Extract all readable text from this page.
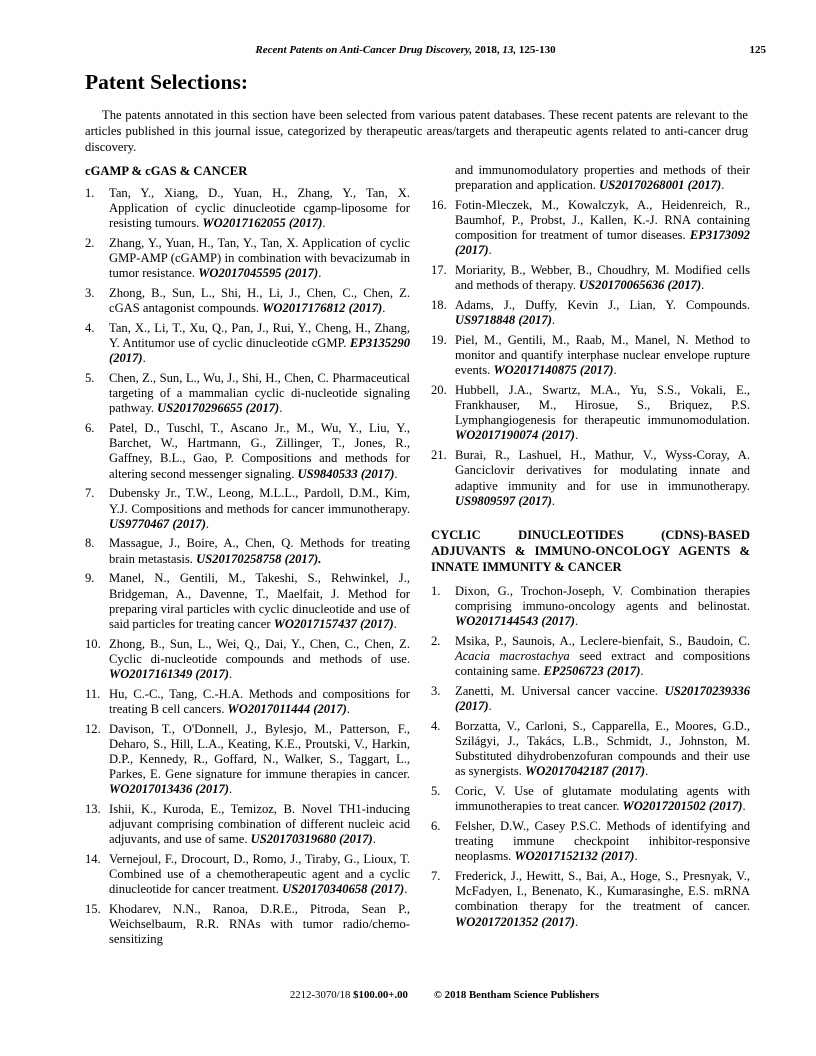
Recent Patents on Anti-Cancer Drug Discovery, 2018, 13, 125-130	125
Patent Selections:

The patents annotated in this section have been selected from various patent databases. These recent patents are relevant to the articles published in this journal issue, categorized by therapeutic areas/targets and therapeutic agents related to anti-cancer drug discovery.

cGAMP & cGAS & CANCER
1. Tan, Y., Xiang, D., Yuan, H., Zhang, Y., Tan, X. Application of cyclic dinucleotide cgamp-liposome for resisting tumours. WO2017162055 (2017).
2. Zhang, Y., Yuan, H., Tan, Y., Tan, X. Application of cyclic GMP-AMP (cGAMP) in combination with bevacizumab in tumor resistance. WO2017045595 (2017).
3. Zhong, B., Sun, L., Shi, H., Li, J., Chen, C., Chen, Z. cGAS antagonist compounds. WO2017176812 (2017).
4. Tan, X., Li, T., Xu, Q., Pan, J., Rui, Y., Cheng, H., Zhang, Y. Antitumor use of cyclic dinucleotide cGMP. EP3135290 (2017).
5. Chen, Z., Sun, L., Wu, J., Shi, H., Chen, C. Pharmaceutical targeting of a mammalian cyclic di-nucleotide signaling pathway. US20170296655 (2017).
6. Patel, D., Tuschl, T., Ascano Jr., M., Wu, Y., Liu, Y., Barchet, W., Hartmann, G., Zillinger, T., Jones, R., Gaffney, B.L., Gao, P. Compositions and methods for altering second messenger signaling. US9840533 (2017).
7. Dubensky Jr., T.W., Leong, M.L.L., Pardoll, D.M., Kim, Y.J. Compositions and methods for cancer immunotherapy. US9770467 (2017).
8. Massague, J., Boire, A., Chen, Q. Methods for treating brain metastasis. US20170258758 (2017).
9. Manel, N., Gentili, M., Takeshi, S., Rehwinkel, J., Bridgeman, A., Davenne, T., Maelfait, J. Method for preparing viral particles with cyclic dinucleotide and use of said particles for treating cancer WO2017157437 (2017).
10. Zhong, B., Sun, L., Wei, Q., Dai, Y., Chen, C., Chen, Z. Cyclic di-nucleotide compounds and methods of use. WO2017161349 (2017).
11. Hu, C.-C., Tang, C.-H.A. Methods and compositions for treating B cell cancers. WO2017011444 (2017).
12. Davison, T., O'Donnell, J., Bylesjo, M., Patterson, F., Deharo, S., Hill, L.A., Keating, K.E., Proutski, V., Harkin, D.P., Kennedy, R., Goffard, N., Walker, S., Taggart, L., Parkes, E. Gene signature for immune therapies in cancer. WO2017013436 (2017).
13. Ishii, K., Kuroda, E., Temizoz, B. Novel TH1-inducing adjuvant comprising combination of different nucleic acid adjuvants, and use of same. US20170319680 (2017).
14. Vernejoul, F., Drocourt, D., Romo, J., Tiraby, G., Lioux, T. Combined use of a chemotherapeutic agent and a cyclic dinucleotide for cancer treatment. US20170340658 (2017).
15. Khodarev, N.N., Ranoa, D.R.E., Pitroda, Sean P., Weichselbaum, R.R. RNAs with tumor radio/chemo-sensitizing
and immunomodulatory properties and methods of their preparation and application. US20170268001 (2017).
16. Fotin-Mleczek, M., Kowalczyk, A., Heidenreich, R., Baumhof, P., Probst, J., Kallen, K.-J. RNA containing composition for treatment of tumor diseases. EP3173092 (2017).
17. Moriarity, B., Webber, B., Choudhry, M. Modified cells and methods of therapy. US20170065636 (2017).
18. Adams, J., Duffy, Kevin J., Lian, Y. Compounds. US9718848 (2017).
19. Piel, M., Gentili, M., Raab, M., Manel, N. Method to monitor and quantify interphase nuclear envelope rupture events. WO2017140875 (2017).
20. Hubbell, J.A., Swartz, M.A., Yu, S.S., Vokali, E., Frankhauser, M., Hirosue, S., Briquez, P.S. Lymphangiogenesis for therapeutic immunomodulation. WO2017190074 (2017).
21. Burai, R., Lashuel, H., Mathur, V., Wyss-Coray, A. Ganciclovir derivatives for modulating innate and adaptive immunity and for use in immunotherapy. US9809597 (2017).
CYCLIC DINUCLEOTIDES (CDNS)-BASED ADJUVANTS & IMMUNO-ONCOLOGY AGENTS & INNATE IMMUNITY & CANCER
1. Dixon, G., Trochon-Joseph, V. Combination therapies comprising immuno-oncology agents and belinostat. WO2017144543 (2017).
2. Msika, P., Saunois, A., Leclere-bienfait, S., Baudoin, C. Acacia macrostachya seed extract and compositions containing same. EP2506723 (2017).
3. Zanetti, M. Universal cancer vaccine. US20170239336 (2017).
4. Borzatta, V., Carloni, S., Capparella, E., Moores, G.D., Szilágyi, J., Takács, L.B., Schmidt, J., Johnston, M. Substituted dihydrobenzofuran compounds and their use as synergists. WO2017042187 (2017).
5. Coric, V. Use of glutamate modulating agents with immunotherapies to treat cancer. WO2017201502 (2017).
6. Felsher, D.W., Casey P.S.C. Methods of identifying and treating immune checkpoint inhibitor-responsive neoplasms. WO2017152132 (2017).
7. Frederick, J., Hewitt, S., Bai, A., Hoge, S., Presnyak, V., McFadyen, I., Benenato, K., Kumarasinghe, E.S. mRNA combination therapy for the treatment of cancer. WO2017201352 (2017).
2212-3070/18 $100.00+.00 © 2018 Bentham Science Publishers
